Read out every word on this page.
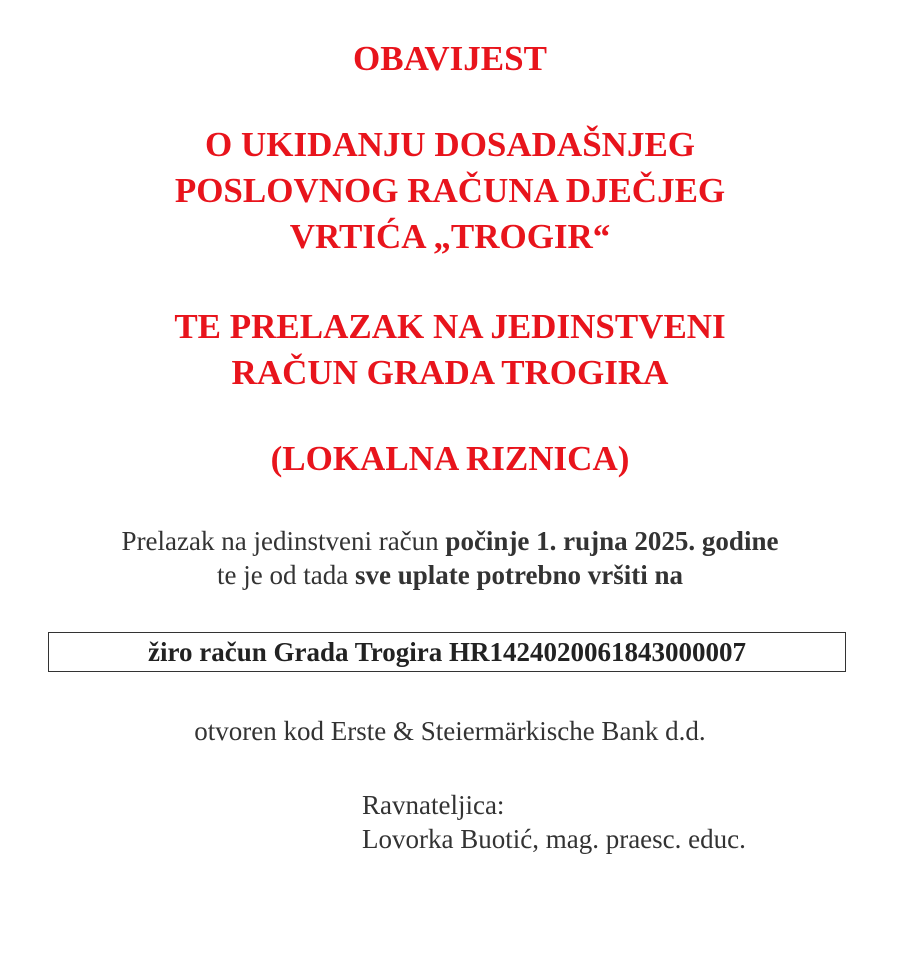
OBAVIJEST
O UKIDANJU DOSADAŠNJEG
POSLOVNOG RAČUNA DJEČJEG
VRTIĆA „TROGIR“
TE PRELAZAK NA JEDINSTVENI
RAČUN GRADA TROGIRA
(LOKALNA RIZNICA)

Prelazak na jedinstveni račun počinje 1. rujna 2025. godine
te je od tada sve uplate potrebno vršiti na

žiro račun Grada Trogira HR1424020061843000007

otvoren kod Erste & Steiermärkische Bank d.d.

Ravnateljica:
Lovorka Buotić, mag. praesc. educ.
